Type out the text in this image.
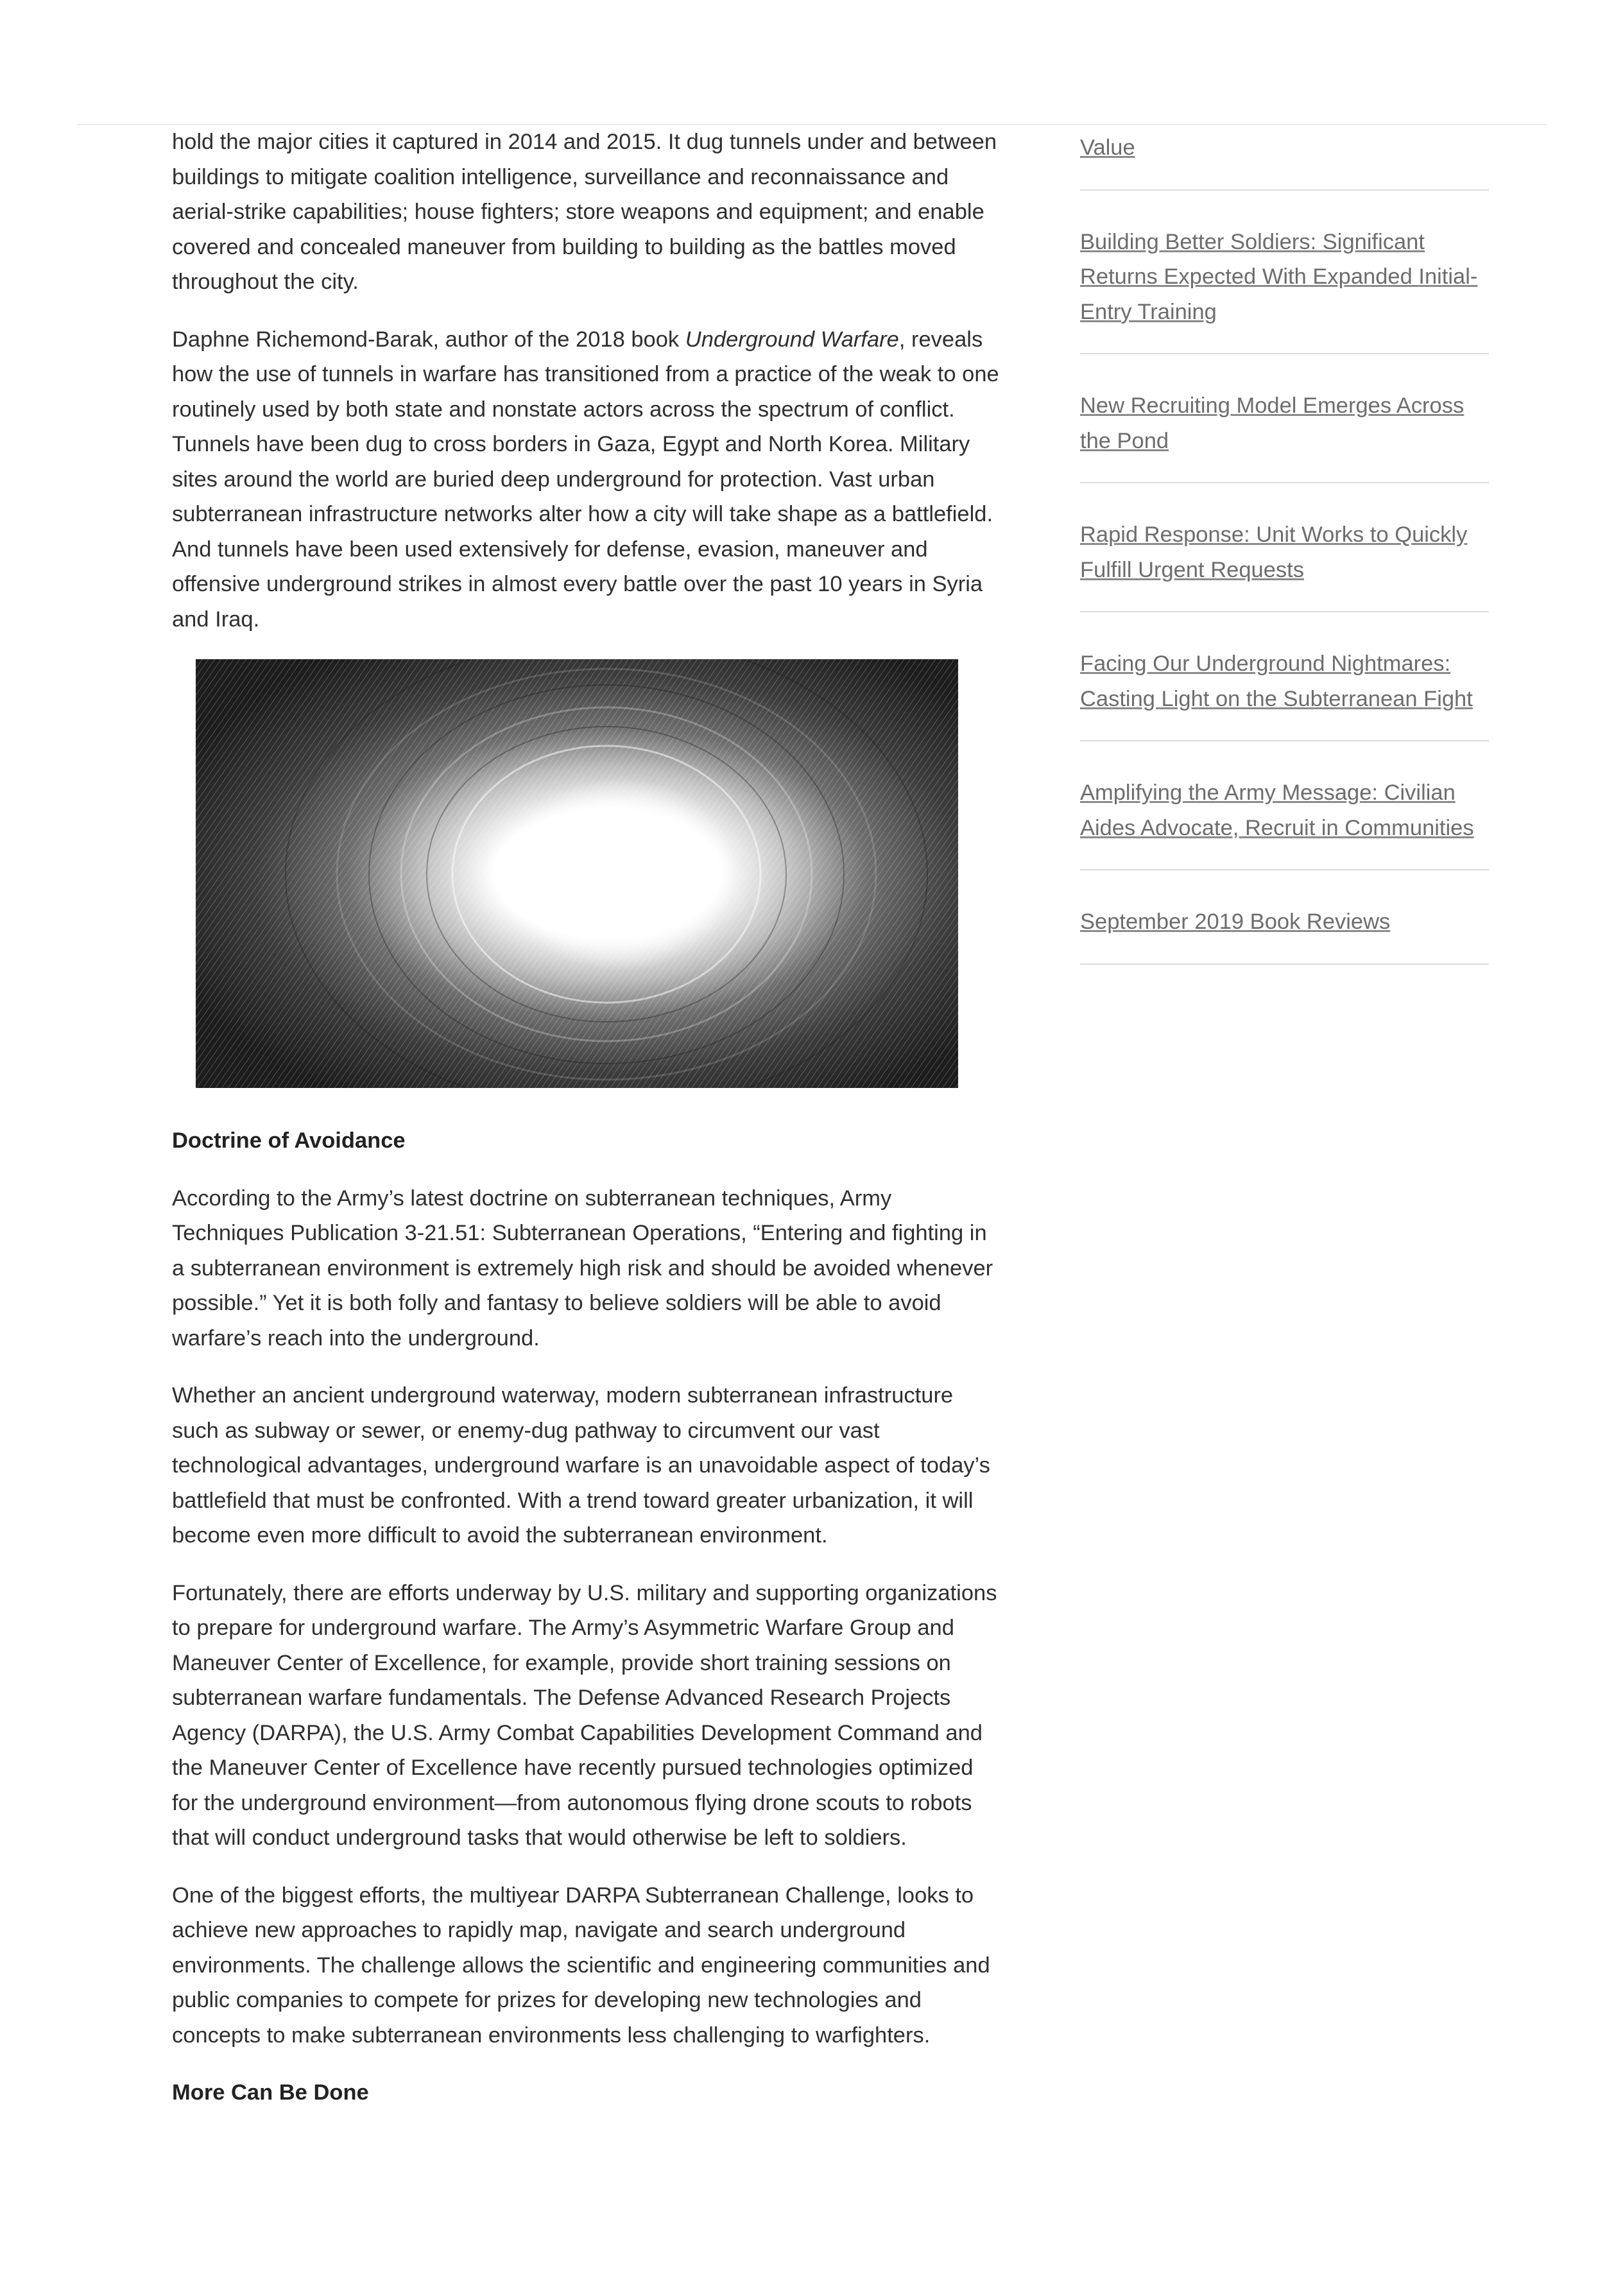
hold the major cities it captured in 2014 and 2015. It dug tunnels under and between buildings to mitigate coalition intelligence, surveillance and reconnaissance and aerial-strike capabilities; house fighters; store weapons and equipment; and enable covered and concealed maneuver from building to building as the battles moved throughout the city.

Daphne Richemond-Barak, author of the 2018 book Underground Warfare, reveals how the use of tunnels in warfare has transitioned from a practice of the weak to one routinely used by both state and nonstate actors across the spectrum of conflict. Tunnels have been dug to cross borders in Gaza, Egypt and North Korea. Military sites around the world are buried deep underground for protection. Vast urban subterranean infrastructure networks alter how a city will take shape as a battlefield. And tunnels have been used extensively for defense, evasion, maneuver and offensive underground strikes in almost every battle over the past 10 years in Syria and Iraq.

Doctrine of Avoidance

According to the Army’s latest doctrine on subterranean techniques, Army Techniques Publication 3-21.51: Subterranean Operations, “Entering and fighting in a subterranean environment is extremely high risk and should be avoided whenever possible.” Yet it is both folly and fantasy to believe soldiers will be able to avoid warfare’s reach into the underground.

Whether an ancient underground waterway, modern subterranean infrastructure such as subway or sewer, or enemy-dug pathway to circumvent our vast technological advantages, underground warfare is an unavoidable aspect of today’s battlefield that must be confronted. With a trend toward greater urbanization, it will become even more difficult to avoid the subterranean environment.

Fortunately, there are efforts underway by U.S. military and supporting organizations to prepare for underground warfare. The Army’s Asymmetric Warfare Group and Maneuver Center of Excellence, for example, provide short training sessions on subterranean warfare fundamentals. The Defense Advanced Research Projects Agency (DARPA), the U.S. Army Combat Capabilities Development Command and the Maneuver Center of Excellence have recently pursued technologies optimized for the underground environment—from autonomous flying drone scouts to robots that will conduct underground tasks that would otherwise be left to soldiers.

One of the biggest efforts, the multiyear DARPA Subterranean Challenge, looks to achieve new approaches to rapidly map, navigate and search underground environments. The challenge allows the scientific and engineering communities and public companies to compete for prizes for developing new technologies and concepts to make subterranean environments less challenging to warfighters.

More Can Be Done
Value
Building Better Soldiers: Significant Returns Expected With Expanded Initial-Entry Training
New Recruiting Model Emerges Across the Pond
Rapid Response: Unit Works to Quickly Fulfill Urgent Requests
Facing Our Underground Nightmares: Casting Light on the Subterranean Fight
Amplifying the Army Message: Civilian Aides Advocate, Recruit in Communities
September 2019 Book Reviews
